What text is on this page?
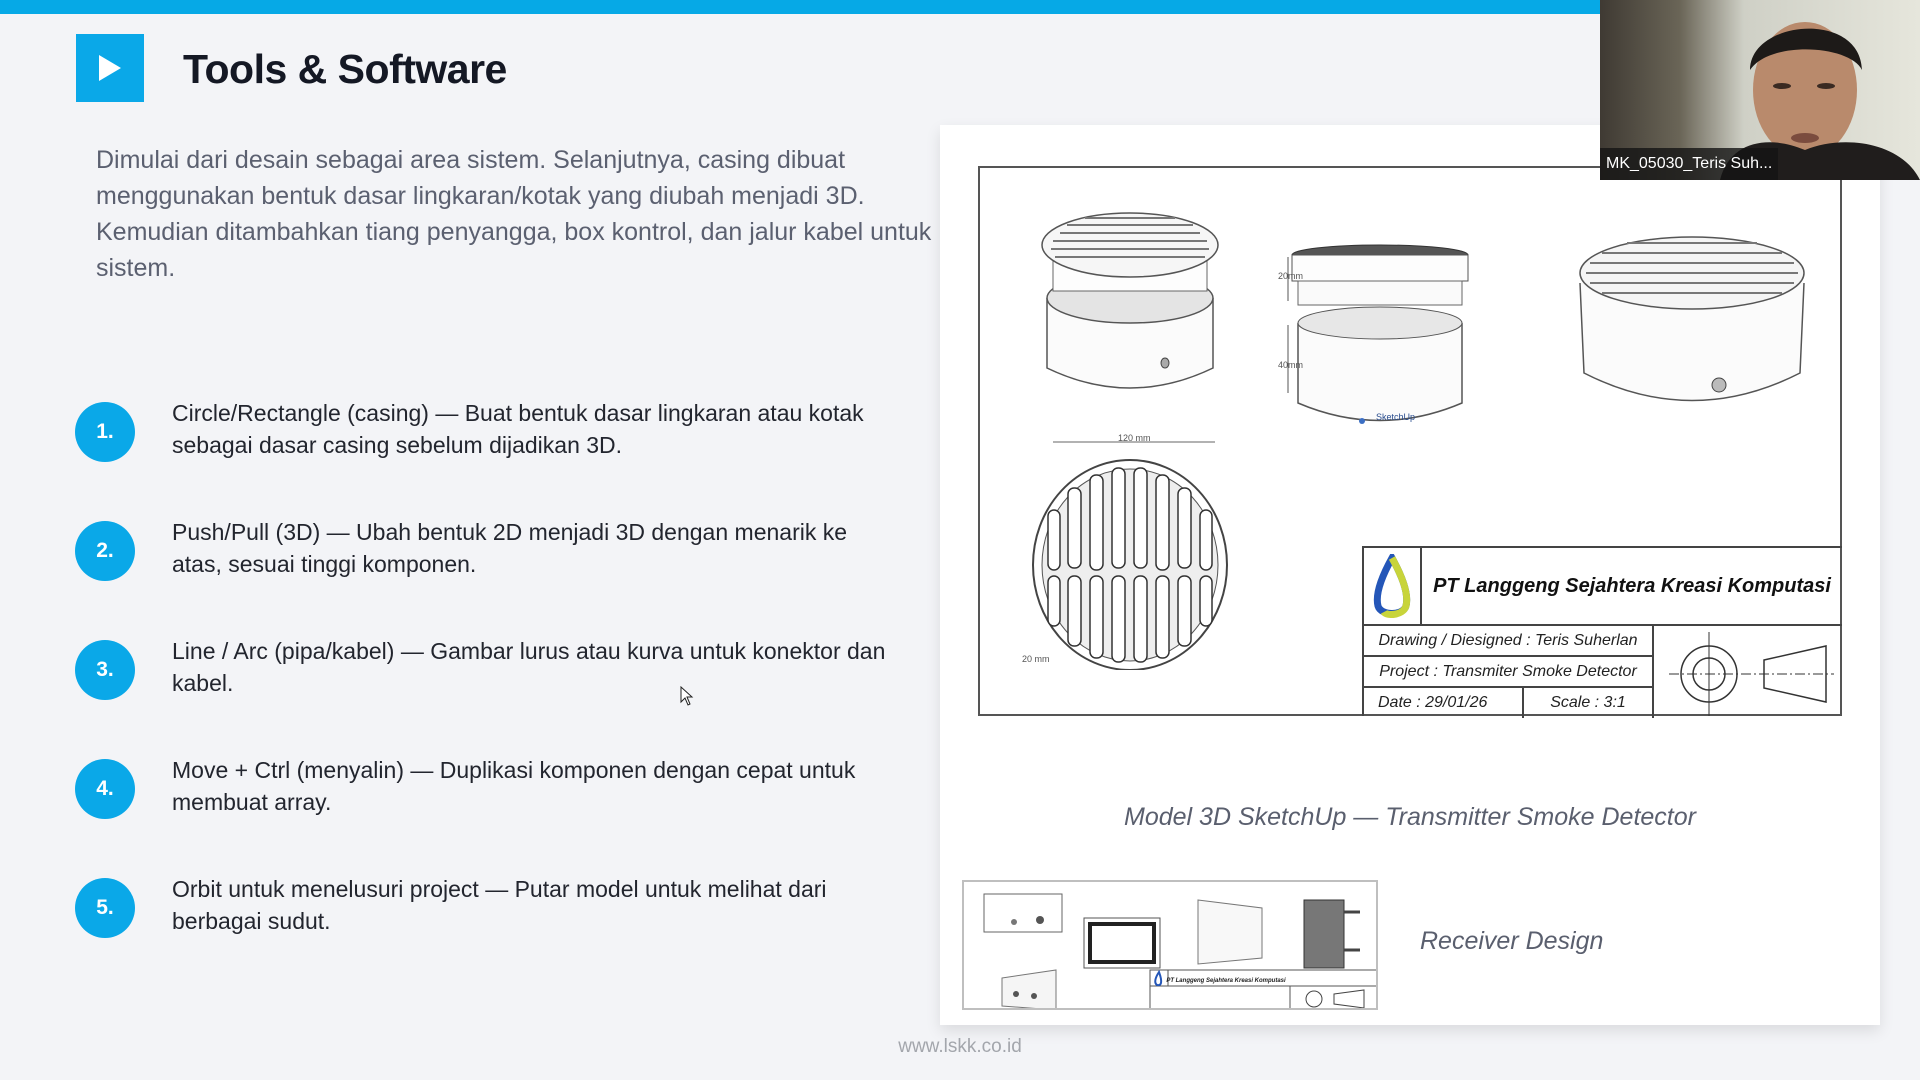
Tools & Software

Dimulai dari desain sebagai area sistem. Selanjutnya, casing dibuat menggunakan bentuk dasar lingkaran/kotak yang diubah menjadi 3D. Kemudian ditambahkan tiang penyangga, box kontrol, dan jalur kabel untuk sistem.

1.
Circle/Rectangle (casing) — Buat bentuk dasar lingkaran atau kotak sebagai dasar casing sebelum dijadikan 3D.
2.
Push/Pull (3D) — Ubah bentuk 2D menjadi 3D dengan menarik ke atas, sesuai tinggi komponen.
3.
Line / Arc (pipa/kabel) — Gambar lurus atau kurva untuk konektor dan kabel.
4.
Move + Ctrl (menyalin) — Duplikasi komponen dengan cepat untuk membuat array.
5.
Orbit untuk menelusuri project — Putar model untuk melihat dari berbagai sudut.
20mm
40mm
SketchUp
120 mm
20 mm
PT Langgeng Sejahtera Kreasi Komputasi
Drawing / Diesigned : Teris Suherlan
Project : Transmiter Smoke Detector
Date : 29/01/26	Scale : 3:1
Model 3D SketchUp — Transmitter Smoke Detector
PT Langgeng Sejahtera Kreasi Komputasi
Receiver Design
MK_05030_Teris Suh...
www.lskk.co.id
